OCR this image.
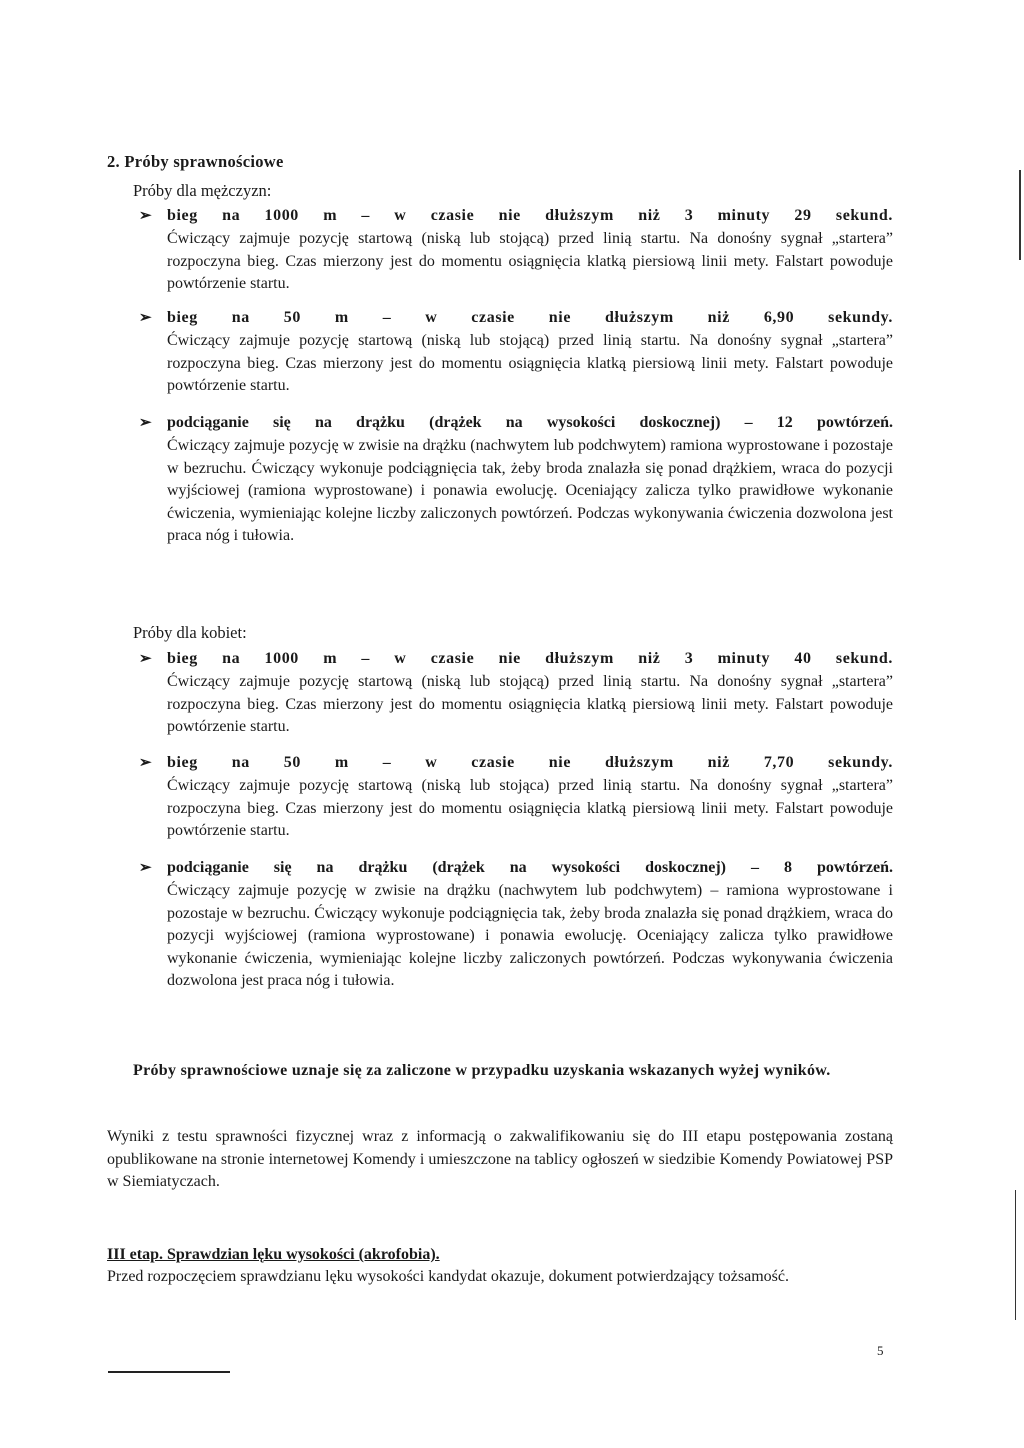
2. Próby sprawnościowe
Próby dla mężczyzn:
➢ bieg na 1000 m – w czasie nie dłuższym niż 3 minuty 29 sekund.
Ćwiczący zajmuje pozycję startową (niską lub stojącą) przed linią startu. Na donośny sygnał „startera” rozpoczyna bieg. Czas mierzony jest do momentu osiągnięcia klatką piersiową linii mety. Falstart powoduje powtórzenie startu.
➢ bieg na 50 m – w czasie nie dłuższym niż 6,90 sekundy.
Ćwiczący zajmuje pozycję startową (niską lub stojącą) przed linią startu. Na donośny sygnał „startera” rozpoczyna bieg. Czas mierzony jest do momentu osiągnięcia klatką piersiową linii mety. Falstart powoduje powtórzenie startu.
➢ podciąganie się na drążku (drążek na wysokości doskocznej) – 12 powtórzeń.
Ćwiczący zajmuje pozycję w zwisie na drążku (nachwytem lub podchwytem) ramiona wyprostowane i pozostaje w bezruchu. Ćwiczący wykonuje podciągnięcia tak, żeby broda znalazła się ponad drążkiem, wraca do pozycji wyjściowej (ramiona wyprostowane) i ponawia ewolucję. Oceniający zalicza tylko prawidłowe wykonanie ćwiczenia, wymieniając kolejne liczby zaliczonych powtórzeń. Podczas wykonywania ćwiczenia dozwolona jest praca nóg i tułowia.
Próby dla kobiet:
➢ bieg na 1000 m – w czasie nie dłuższym niż 3 minuty 40 sekund.
Ćwiczący zajmuje pozycję startową (niską lub stojącą) przed linią startu. Na donośny sygnał „startera” rozpoczyna bieg. Czas mierzony jest do momentu osiągnięcia klatką piersiową linii mety. Falstart powoduje powtórzenie startu.
➢ bieg na 50 m – w czasie nie dłuższym niż 7,70 sekundy.
Ćwiczący zajmuje pozycję startową (niską lub stojąca) przed linią startu. Na donośny sygnał „startera” rozpoczyna bieg. Czas mierzony jest do momentu osiągnięcia klatką piersiową linii mety. Falstart powoduje powtórzenie startu.
➢ podciąganie się na drążku (drążek na wysokości doskocznej) – 8 powtórzeń.
Ćwiczący zajmuje pozycję w zwisie na drążku (nachwytem lub podchwytem) – ramiona wyprostowane i pozostaje w bezruchu. Ćwiczący wykonuje podciągnięcia tak, żeby broda znalazła się ponad drążkiem, wraca do pozycji wyjściowej (ramiona wyprostowane) i ponawia ewolucję. Oceniający zalicza tylko prawidłowe wykonanie ćwiczenia, wymieniając kolejne liczby zaliczonych powtórzeń. Podczas wykonywania ćwiczenia dozwolona jest praca nóg i tułowia.
Próby sprawnościowe uznaje się za zaliczone w przypadku uzyskania wskazanych wyżej wyników.
Wyniki z testu sprawności fizycznej wraz z informacją o zakwalifikowaniu się do III etapu postępowania zostaną opublikowane na stronie internetowej Komendy i umieszczone na tablicy ogłoszeń w siedzibie Komendy Powiatowej PSP w Siemiatyczach.
III etap. Sprawdzian lęku wysokości (akrofobia).
Przed rozpoczęciem sprawdzianu lęku wysokości kandydat okazuje, dokument potwierdzający tożsamość.
5
